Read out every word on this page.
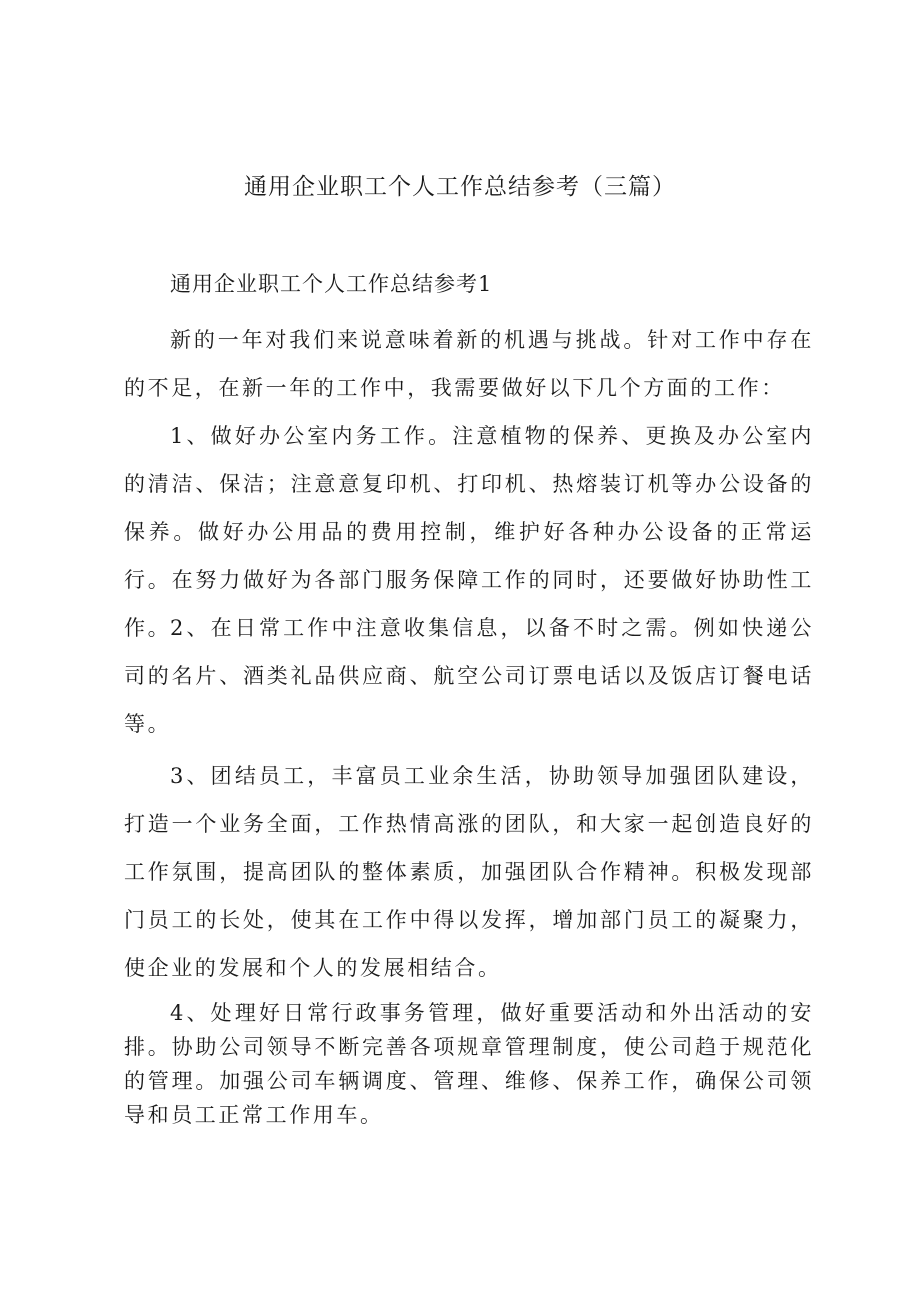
通用企业职工个人工作总结参考（三篇）
通用企业职工个人工作总结参考1

新的一年对我们来说意味着新的机遇与挑战。针对工作中存在的不足，在新一年的工作中，我需要做好以下几个方面的工作：

1、做好办公室内务工作。注意植物的保养、更换及办公室内的清洁、保洁；注意意复印机、打印机、热熔装订机等办公设备的保养。做好办公用品的费用控制，维护好各种办公设备的正常运行。在努力做好为各部门服务保障工作的同时，还要做好协助性工作。

2、在日常工作中注意收集信息，以备不时之需。例如快递公司的名片、酒类礼品供应商、航空公司订票电话以及饭店订餐电话等。

3、团结员工，丰富员工业余生活，协助领导加强团队建设，打造一个业务全面，工作热情高涨的团队，和大家一起创造良好的工作氛围，提高团队的整体素质，加强团队合作精神。积极发现部门员工的长处，使其在工作中得以发挥，增加部门员工的凝聚力，使企业的发展和个人的发展相结合。

4、处理好日常行政事务管理，做好重要活动和外出活动的安排。协助公司领导不断完善各项规章管理制度，使公司趋于规范化的管理。加强公司车辆调度、管理、维修、保养工作，确保公司领导和员工正常工作用车。
